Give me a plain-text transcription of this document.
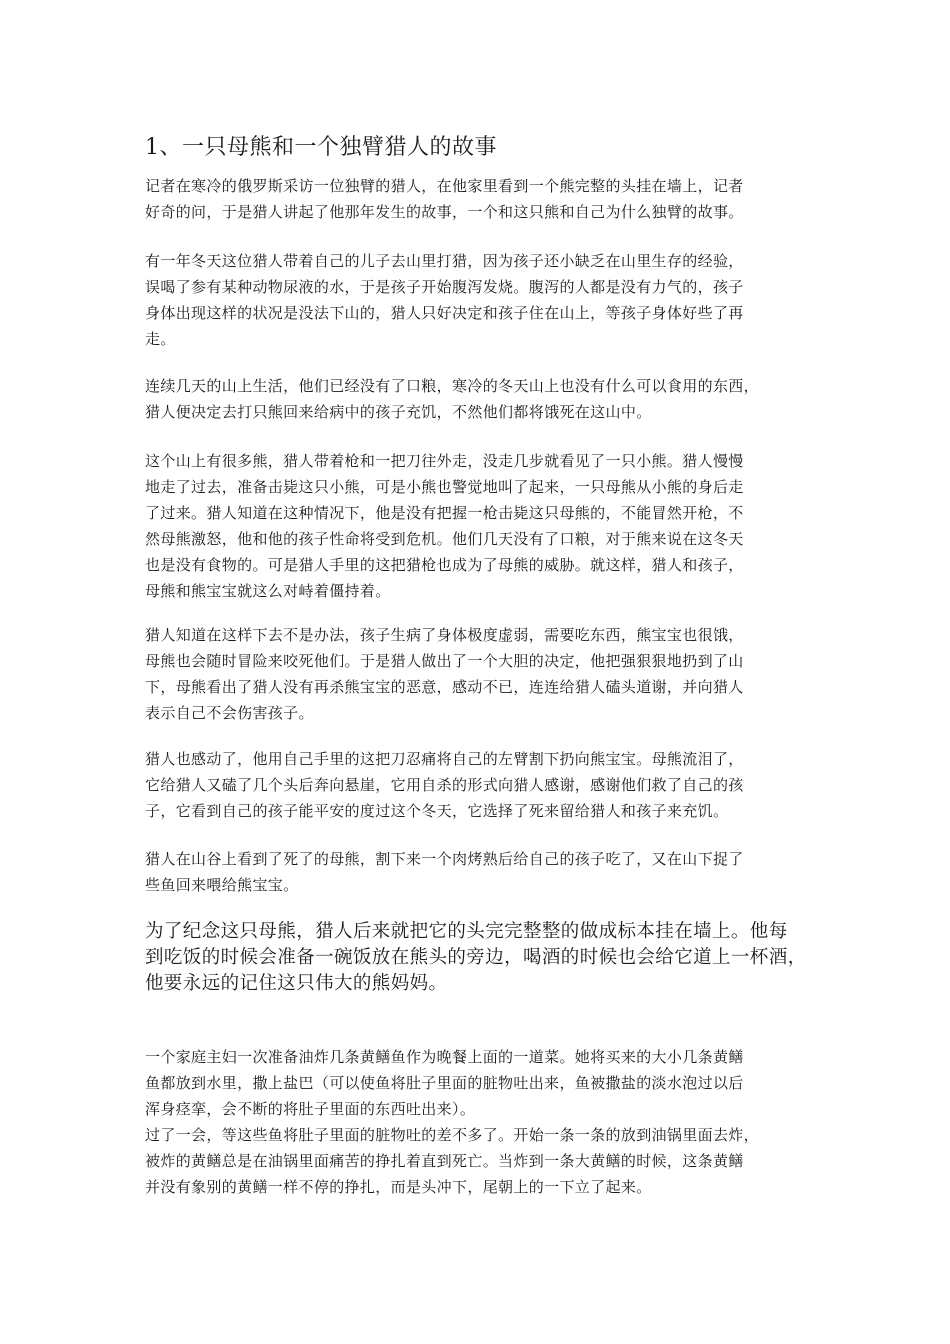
1、一只母熊和一个独臂猎人的故事
记者在寒冷的俄罗斯采访一位独臂的猎人，在他家里看到一个熊完整的头挂在墙上，记者
好奇的问，于是猎人讲起了他那年发生的故事，一个和这只熊和自己为什么独臂的故事。
有一年冬天这位猎人带着自己的儿子去山里打猎，因为孩子还小缺乏在山里生存的经验，
误喝了参有某种动物尿液的水，于是孩子开始腹泻发烧。腹泻的人都是没有力气的，孩子
身体出现这样的状况是没法下山的，猎人只好决定和孩子住在山上，等孩子身体好些了再
走。
连续几天的山上生活，他们已经没有了口粮，寒冷的冬天山上也没有什么可以食用的东西，
猎人便决定去打只熊回来给病中的孩子充饥，不然他们都将饿死在这山中。
这个山上有很多熊，猎人带着枪和一把刀往外走，没走几步就看见了一只小熊。猎人慢慢
地走了过去，准备击毙这只小熊，可是小熊也警觉地叫了起来，一只母熊从小熊的身后走
了过来。猎人知道在这种情况下，他是没有把握一枪击毙这只母熊的，不能冒然开枪，不
然母熊激怒，他和他的孩子性命将受到危机。他们几天没有了口粮，对于熊来说在这冬天
也是没有食物的。可是猎人手里的这把猎枪也成为了母熊的威胁。就这样，猎人和孩子，
母熊和熊宝宝就这么对峙着僵持着。
猎人知道在这样下去不是办法，孩子生病了身体极度虚弱，需要吃东西，熊宝宝也很饿，
母熊也会随时冒险来咬死他们。于是猎人做出了一个大胆的决定，他把强狠狠地扔到了山
下，母熊看出了猎人没有再杀熊宝宝的恶意，感动不已，连连给猎人磕头道谢，并向猎人
表示自己不会伤害孩子。
猎人也感动了，他用自己手里的这把刀忍痛将自己的左臂割下扔向熊宝宝。母熊流泪了，
它给猎人又磕了几个头后奔向悬崖，它用自杀的形式向猎人感谢，感谢他们救了自己的孩
子，它看到自己的孩子能平安的度过这个冬天，它选择了死来留给猎人和孩子来充饥。
猎人在山谷上看到了死了的母熊，割下来一个肉烤熟后给自己的孩子吃了，又在山下捉了
些鱼回来喂给熊宝宝。
为了纪念这只母熊，猎人后来就把它的头完完整整的做成标本挂在墙上。他每
到吃饭的时候会准备一碗饭放在熊头的旁边，喝酒的时候也会给它道上一杯酒，
他要永远的记住这只伟大的熊妈妈。
一个家庭主妇一次准备油炸几条黄鳝鱼作为晚餐上面的一道菜。她将买来的大小几条黄鳝
鱼都放到水里，撒上盐巴（可以使鱼将肚子里面的脏物吐出来，鱼被撒盐的淡水泡过以后
浑身痉挛，会不断的将肚子里面的东西吐出来）。
过了一会，等这些鱼将肚子里面的脏物吐的差不多了。开始一条一条的放到油锅里面去炸，
被炸的黄鳝总是在油锅里面痛苦的挣扎着直到死亡。当炸到一条大黄鳝的时候，这条黄鳝
并没有象别的黄鳝一样不停的挣扎，而是头冲下，尾朝上的一下立了起来。
